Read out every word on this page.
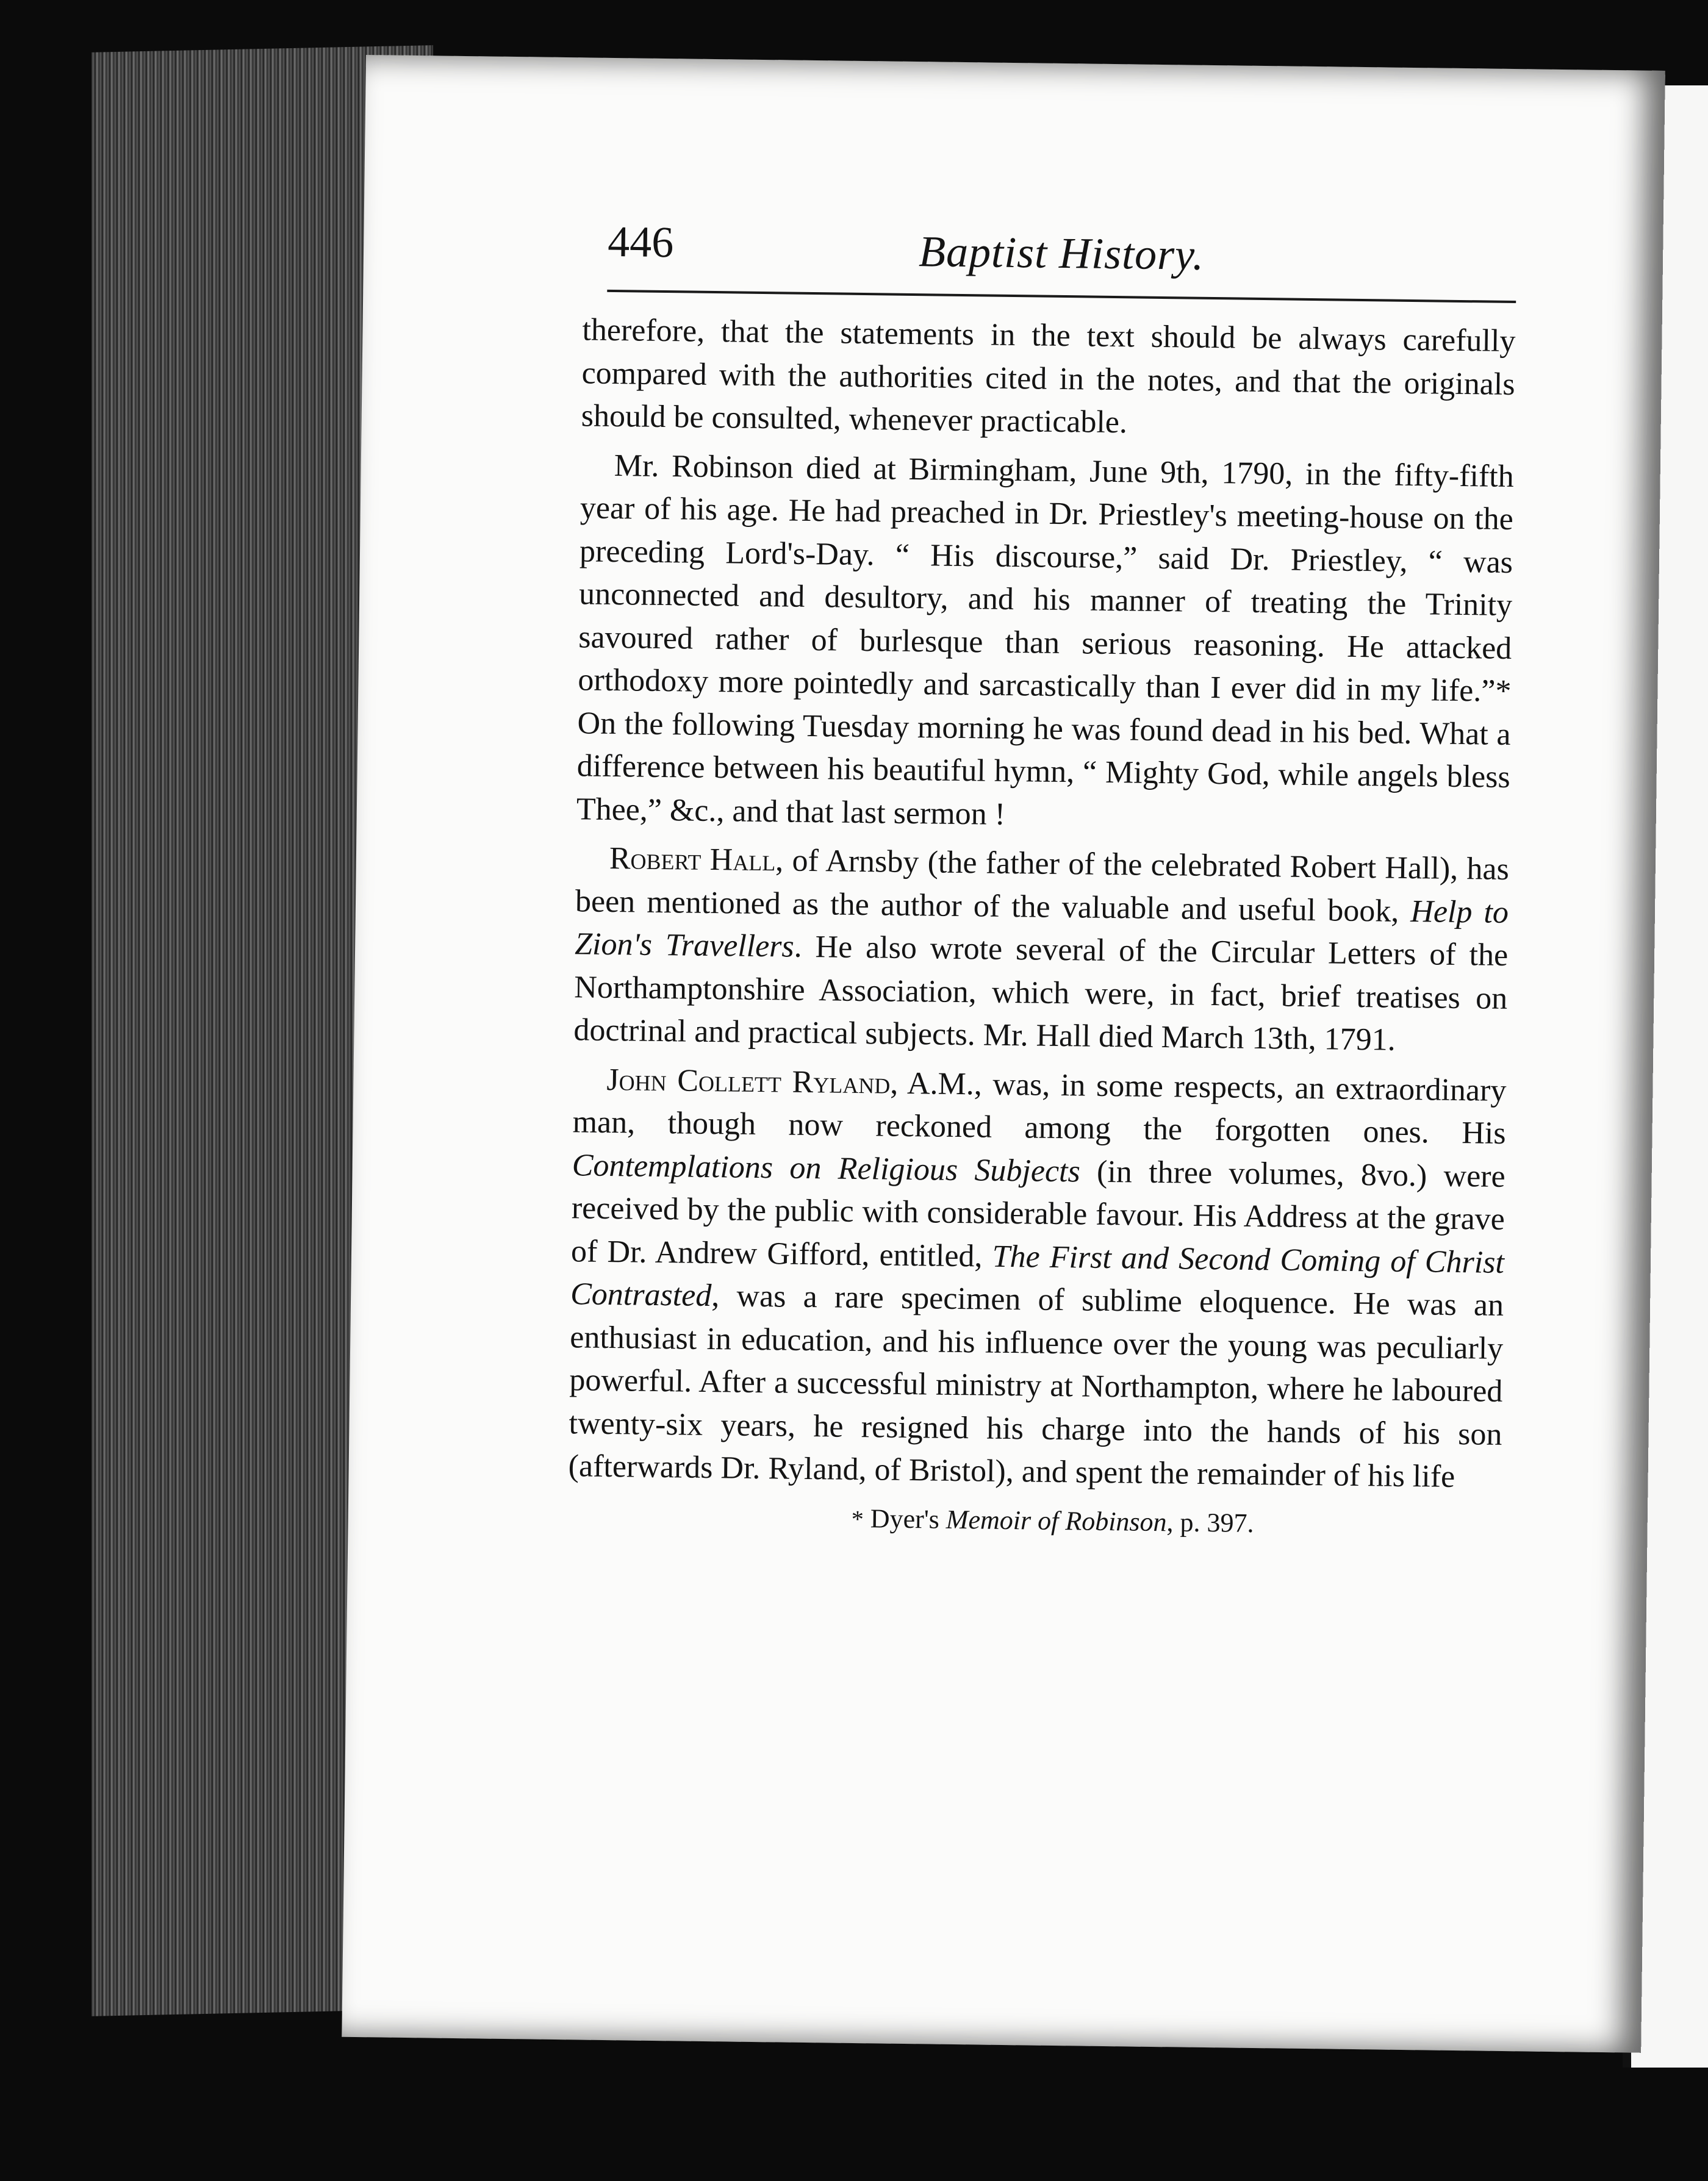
446	Baptist History.

therefore, that the statements in the text should be always carefully compared with the authorities cited in the notes, and that the originals should be consulted, whenever practicable.

Mr. Robinson died at Birmingham, June 9th, 1790, in the fifty-fifth year of his age. He had preached in Dr. Priestley's meeting-house on the preceding Lord's-Day. “ His discourse,” said Dr. Priestley, “ was unconnected and desultory, and his manner of treating the Trinity savoured rather of burlesque than serious reasoning. He attacked orthodoxy more pointedly and sarcastically than I ever did in my life.”* On the following Tuesday morning he was found dead in his bed. What a difference between his beautiful hymn, “ Mighty God, while angels bless Thee,” &c., and that last sermon !

Robert Hall, of Arnsby (the father of the celebrated Robert Hall), has been mentioned as the author of the valuable and useful book, Help to Zion's Travellers. He also wrote several of the Circular Letters of the Northamptonshire Association, which were, in fact, brief treatises on doctrinal and practical subjects. Mr. Hall died March 13th, 1791.

John Collett Ryland, A.M., was, in some respects, an extraordinary man, though now reckoned among the forgotten ones. His Contemplations on Religious Subjects (in three volumes, 8vo.) were received by the public with considerable favour. His Address at the grave of Dr. Andrew Gifford, entitled, The First and Second Coming of Christ Contrasted, was a rare specimen of sublime eloquence. He was an enthusiast in education, and his influence over the young was peculiarly powerful. After a successful ministry at Northampton, where he laboured twenty-six years, he resigned his charge into the hands of his son (afterwards Dr. Ryland, of Bristol), and spent the remainder of his life

* Dyer's Memoir of Robinson, p. 397.
